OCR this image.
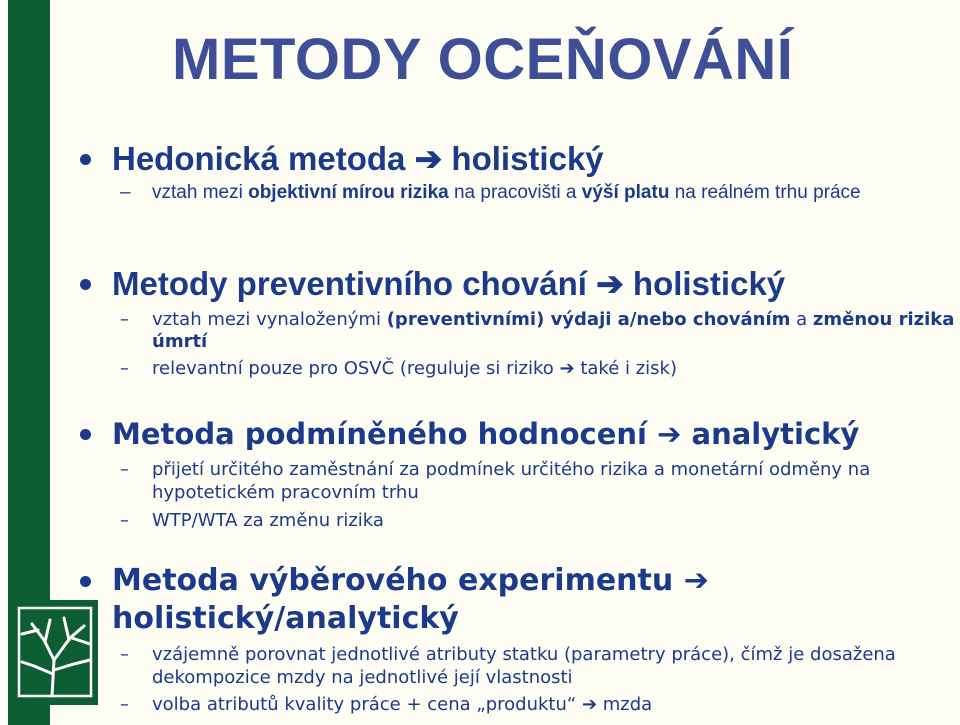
METODY OCEŇOVÁNÍ
Hedonická metoda ➔ holistický
– vztah mezi objektivní mírou rizika na pracovišti a výší platu na reálném trhu práce
Metody preventivního chování ➔ holistický
– vztah mezi vynaloženými (preventivními) výdaji a/nebo chováním a změnou rizika úmrtí
– relevantní pouze pro OSVČ (reguluje si riziko ➔ také i zisk)
Metoda podmíněného hodnocení ➔ analytický
– přijetí určitého zaměstnání za podmínek určitého rizika a monetární odměny na hypotetickém pracovním trhu
– WTP/WTA za změnu rizika
Metoda výběrového experimentu ➔
holistický/analytický
– vzájemně porovnat jednotlivé atributy statku (parametry práce), čímž je dosažena dekompozice mzdy na jednotlivé její vlastnosti
– volba atributů kvality práce + cena „produktu“ ➔ mzda
